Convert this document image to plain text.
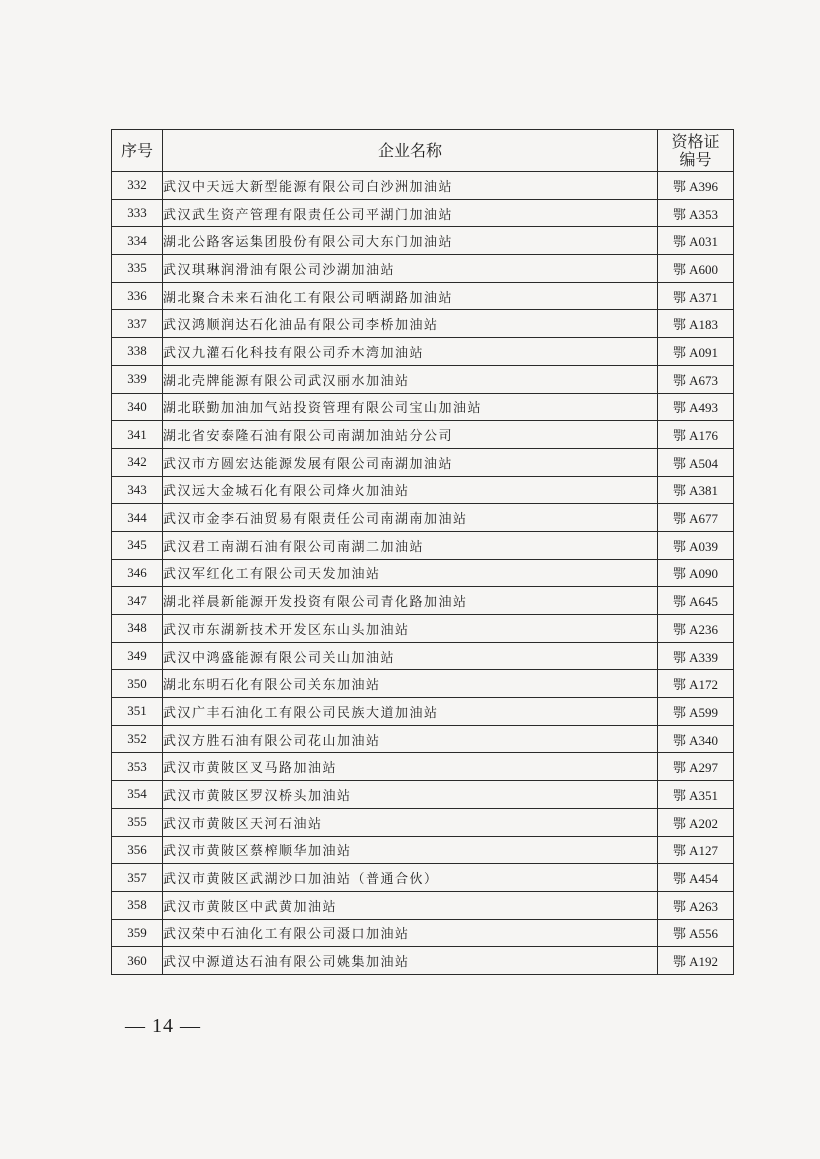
序号	企业名称	资格证
编号

332	武汉中天远大新型能源有限公司白沙洲加油站	鄂 A396
333	武汉武生资产管理有限责任公司平湖门加油站	鄂 A353
334	湖北公路客运集团股份有限公司大东门加油站	鄂 A031
335	武汉琪琳润滑油有限公司沙湖加油站	鄂 A600
336	湖北聚合未来石油化工有限公司晒湖路加油站	鄂 A371
337	武汉鸿顺润达石化油品有限公司李桥加油站	鄂 A183
338	武汉九灌石化科技有限公司乔木湾加油站	鄂 A091
339	湖北壳牌能源有限公司武汉丽水加油站	鄂 A673
340	湖北联勤加油加气站投资管理有限公司宝山加油站	鄂 A493
341	湖北省安泰隆石油有限公司南湖加油站分公司	鄂 A176
342	武汉市方圆宏达能源发展有限公司南湖加油站	鄂 A504
343	武汉远大金城石化有限公司烽火加油站	鄂 A381
344	武汉市金李石油贸易有限责任公司南湖南加油站	鄂 A677
345	武汉君工南湖石油有限公司南湖二加油站	鄂 A039
346	武汉军红化工有限公司天发加油站	鄂 A090
347	湖北祥晨新能源开发投资有限公司青化路加油站	鄂 A645
348	武汉市东湖新技术开发区东山头加油站	鄂 A236
349	武汉中鸿盛能源有限公司关山加油站	鄂 A339
350	湖北东明石化有限公司关东加油站	鄂 A172
351	武汉广丰石油化工有限公司民族大道加油站	鄂 A599
352	武汉方胜石油有限公司花山加油站	鄂 A340
353	武汉市黄陂区叉马路加油站	鄂 A297
354	武汉市黄陂区罗汉桥头加油站	鄂 A351
355	武汉市黄陂区天河石油站	鄂 A202
356	武汉市黄陂区蔡榨顺华加油站	鄂 A127
357	武汉市黄陂区武湖沙口加油站（普通合伙）	鄂 A454
358	武汉市黄陂区中武黄加油站	鄂 A263
359	武汉荣中石油化工有限公司滠口加油站	鄂 A556
360	武汉中源道达石油有限公司姚集加油站	鄂 A192
— 14 —
